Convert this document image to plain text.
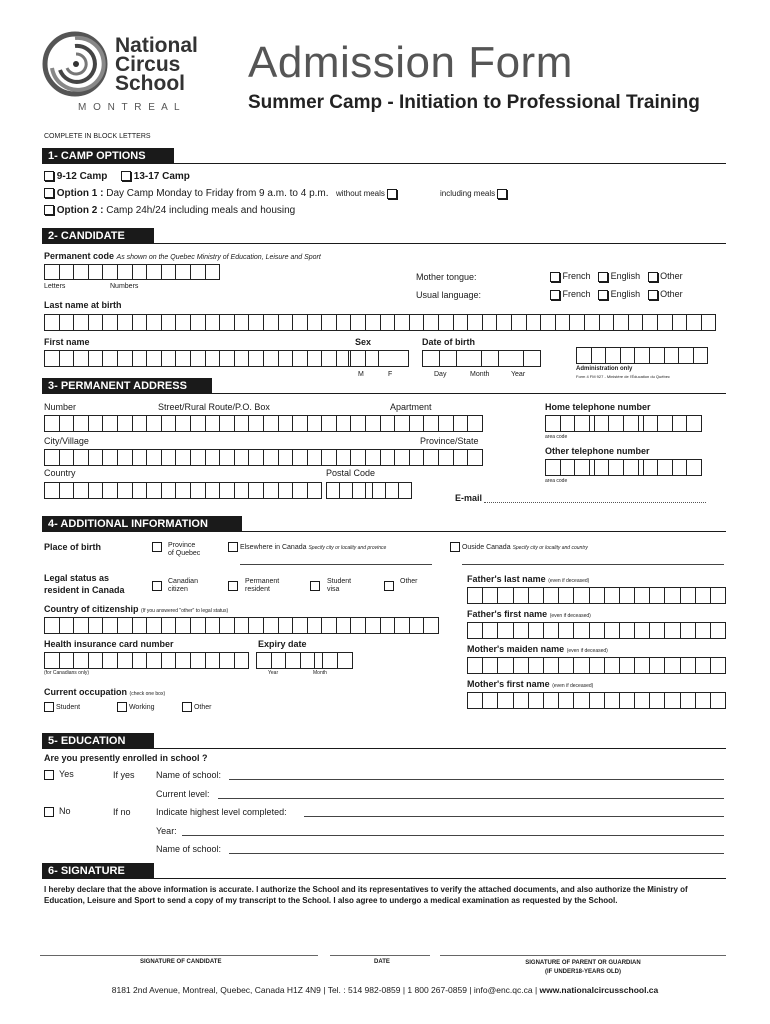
National
Circus
School
M O N T R E A L
Admission Form
Summer Camp - Initiation to Professional Training
COMPLETE IN BLOCK LETTERS
1- CAMP OPTIONS
9-12 Camp	13-17 Camp
Option 1 : Day Camp Monday to Friday from 9 a.m. to 4 p.m. without meals	including meals
Option 2 : Camp 24h/24 including meals and housing
2- CANDIDATE
Permanent code As shown on the Quebec Ministry of Education, Leisure and Sport
Letters	Numbers
Mother tongue:	French English Other
Usual language:	French English Other
Last name at birth
First name	Sex
M	F
Date of birth
Day	Month	Year
Administration only
Form 4 FM 927 - Ministère de l'Éducation du Québec
3- PERMANENT ADDRESS
Number	Street/Rural Route/P.O. Box	Apartment
City/Village	Province/State
Country	Postal Code
Home telephone number
area code
Other telephone number
area code
E-mail
4- ADDITIONAL INFORMATION
Place of birth	Province
of Quebec
Elsewhere in Canada Specify city or locality and province	Ouside Canada Specify city or locality and country
Legal status as
resident in Canada
Canadian
citizen
Permanent
resident
Student
visa
Other
Country of citizenship (If you answered "other" to legal status)
Health insurance card number	Expiry date
(for Canadians only)	Year	Month
Current occupation (check one box)
Student	Working	Other
Father's last name (even if deceased)
Father's first name (even if deceased)
Mother's maiden name (even if deceased)
Mother's first name (even if deceased)
5- EDUCATION
Are you presently enrolled in school ?
Yes	If yes Name of school:
Current level:
No	If no	Indicate highest level completed:
Year:
Name of school:
6- SIGNATURE
I hereby declare that the above information is accurate. I authorize the School and its representatives to verify the attached documents, and also authorize the Ministry of Education, Leisure and Sport to send a copy of my transcript to the School. I also agree to undergo a medical examination as requested by the School.
SIGNATURE OF CANDIDATE	DATE	SIGNATURE OF PARENT OR GUARDIAN
(IF UNDER18-YEARS OLD)
8181 2nd Avenue, Montreal, Quebec, Canada H1Z 4N9 | Tel. : 514 982-0859 | 1 800 267-0859 | info@enc.qc.ca | www.nationalcircusschool.ca
